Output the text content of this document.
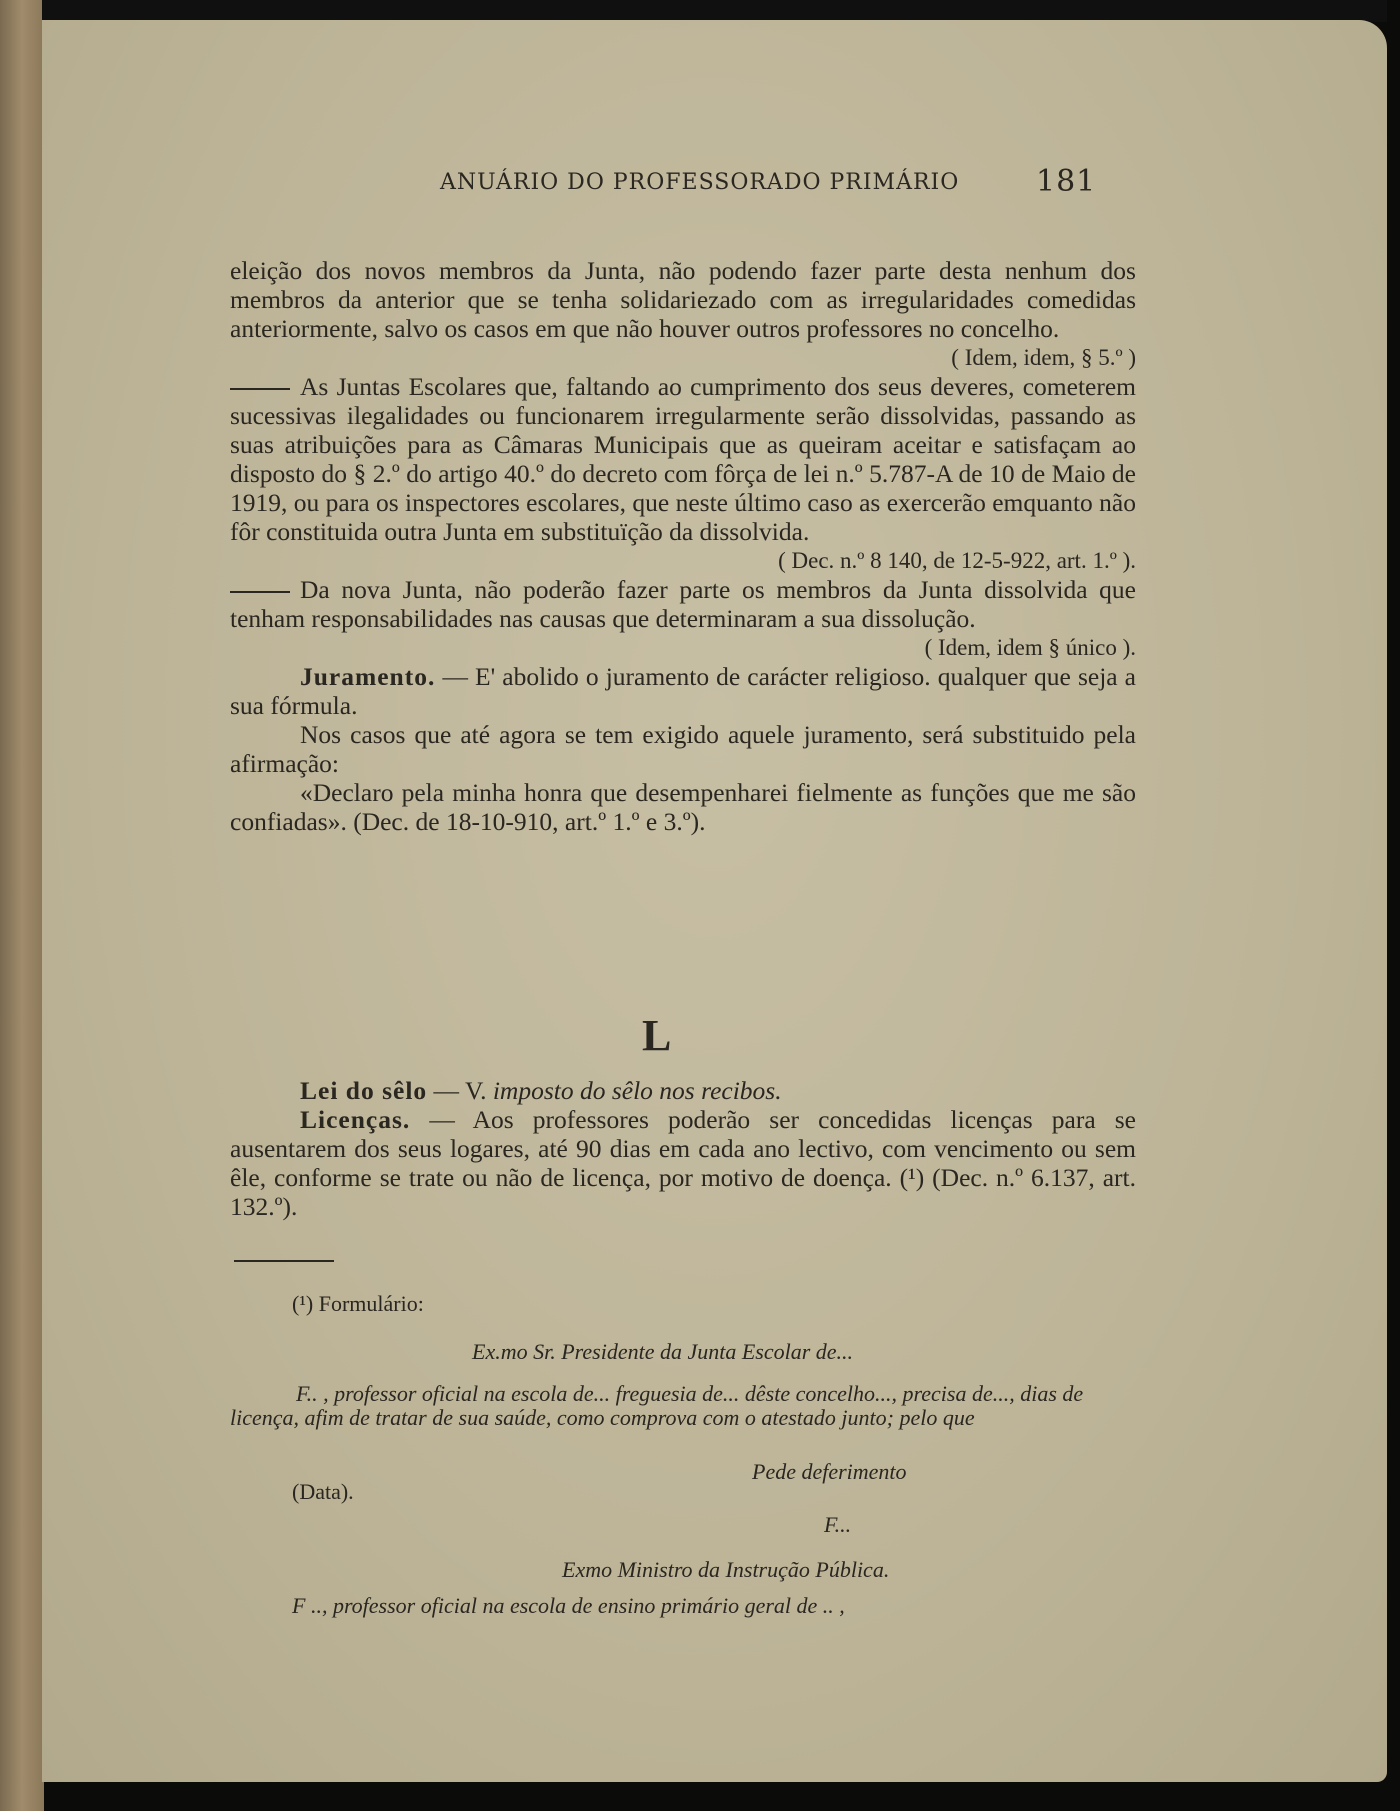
ANUÁRIO DO PROFESSORADO PRIMÁRIO	181

eleição dos novos membros da Junta, não podendo fazer parte desta nenhum dos membros da anterior que se tenha solidariezado com as irregularidades comedidas anteriormente, salvo os casos em que não houver outros professores no concelho.

( Idem, idem, § 5.º )

As Juntas Escolares que, faltando ao cumprimento dos seus deveres, cometerem sucessivas ilegalidades ou funcionarem irregularmente serão dissolvidas, passando as suas atribuições para as Câmaras Municipais que as queiram aceitar e satisfaçam ao disposto do § 2.º do artigo 40.º do decreto com fôrça de lei n.º 5.787-A de 10 de Maio de 1919, ou para os inspectores escolares, que neste último caso as exercerão emquanto não fôr constituida outra Junta em substituïção da dissolvida.

( Dec. n.º 8 140, de 12-5-922, art. 1.º ).

Da nova Junta, não poderão fazer parte os membros da Junta dissolvida que tenham responsabilidades nas causas que determinaram a sua dissolução.

( Idem, idem § único ).

Juramento. — E' abolido o juramento de carácter religioso. qualquer que seja a sua fórmula.

Nos casos que até agora se tem exigido aquele juramento, será substituido pela afirmação:

«Declaro pela minha honra que desempenharei fielmente as funções que me são confiadas». (Dec. de 18-10-910, art.º 1.º e 3.º).

L

Lei do sêlo — V. imposto do sêlo nos recibos.

Licenças. — Aos professores poderão ser concedidas licenças para se ausentarem dos seus logares, até 90 dias em cada ano lectivo, com vencimento ou sem êle, conforme se trate ou não de licença, por motivo de doença. (¹) (Dec. n.º 6.137, art. 132.º).

(¹) Formulário:
Ex.mo Sr. Presidente da Junta Escolar de...
F.. , professor oficial na escola de... freguesia de... dêste concelho..., precisa de..., dias de licença, afim de tratar de sua saúde, como comprova com o atestado junto; pelo que
Pede deferimento
(Data).
F...
Exmo Ministro da Instrução Pública.
F .., professor oficial na escola de ensino primário geral de .. ,
